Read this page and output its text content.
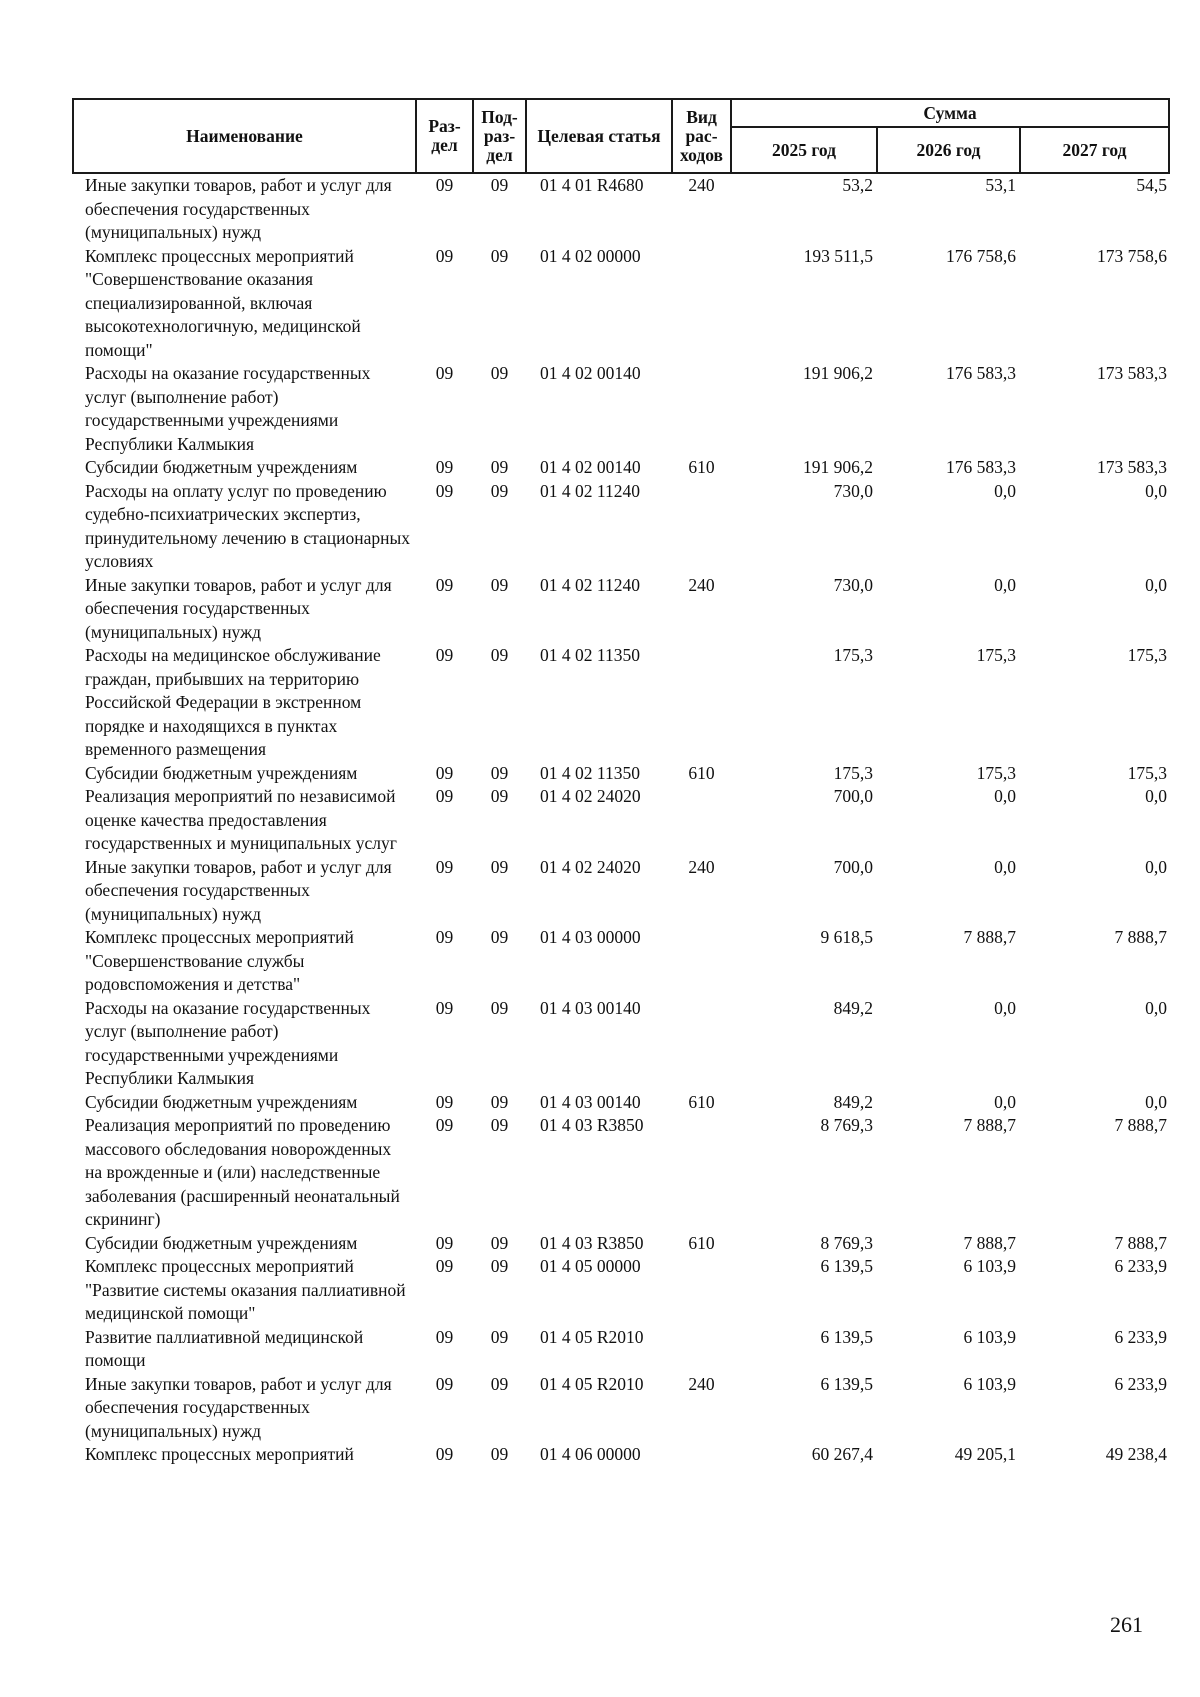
Наименование	Раз- дел	Под- раз- дел	Целевая статья	Вид рас- ходов	Сумма		
					2025 год	2026 год	2027 год
Иные закупки товаров, работ и услуг для обеспечения государственных (муниципальных) нужд	09	09	01 4 01 R4680	240	53,2	53,1	54,5
Комплекс процессных мероприятий "Совершенствование оказания специализированной, включая высокотехнологичную, медицинской помощи"	09	09	01 4 02 00000		193 511,5	176 758,6	173 758,6
Расходы на оказание государственных услуг (выполнение работ) государственными учреждениями Республики Калмыкия	09	09	01 4 02 00140		191 906,2	176 583,3	173 583,3
Субсидии бюджетным учреждениям	09	09	01 4 02 00140	610	191 906,2	176 583,3	173 583,3
Расходы на оплату услуг по проведению судебно-психиатрических экспертиз, принудительному лечению в стационарных условиях	09	09	01 4 02 11240		730,0	0,0	0,0
Иные закупки товаров, работ и услуг для обеспечения государственных (муниципальных) нужд	09	09	01 4 02 11240	240	730,0	0,0	0,0
Расходы на медицинское обслуживание граждан, прибывших на территорию Российской Федерации в экстренном порядке и находящихся в пунктах временного размещения	09	09	01 4 02 11350		175,3	175,3	175,3
Субсидии бюджетным учреждениям	09	09	01 4 02 11350	610	175,3	175,3	175,3
Реализация мероприятий по независимой оценке качества предоставления государственных и муниципальных услуг	09	09	01 4 02 24020		700,0	0,0	0,0
Иные закупки товаров, работ и услуг для обеспечения государственных (муниципальных) нужд	09	09	01 4 02 24020	240	700,0	0,0	0,0
Комплекс процессных мероприятий "Совершенствование службы родовспоможения и детства"	09	09	01 4 03 00000		9 618,5	7 888,7	7 888,7
Расходы на оказание государственных услуг (выполнение работ) государственными учреждениями Республики Калмыкия	09	09	01 4 03 00140		849,2	0,0	0,0
Субсидии бюджетным учреждениям	09	09	01 4 03 00140	610	849,2	0,0	0,0
Реализация мероприятий по проведению массового обследования новорожденных на врожденные и (или) наследственные заболевания (расширенный неонатальный скрининг)	09	09	01 4 03 R3850		8 769,3	7 888,7	7 888,7
Субсидии бюджетным учреждениям	09	09	01 4 03 R3850	610	8 769,3	7 888,7	7 888,7
Комплекс процессных мероприятий "Развитие системы оказания паллиативной медицинской помощи"	09	09	01 4 05 00000		6 139,5	6 103,9	6 233,9
Развитие паллиативной медицинской помощи	09	09	01 4 05 R2010		6 139,5	6 103,9	6 233,9
Иные закупки товаров, работ и услуг для обеспечения государственных (муниципальных) нужд	09	09	01 4 05 R2010	240	6 139,5	6 103,9	6 233,9
Комплекс процессных мероприятий	09	09	01 4 06 00000		60 267,4	49 205,1	49 238,4
261
